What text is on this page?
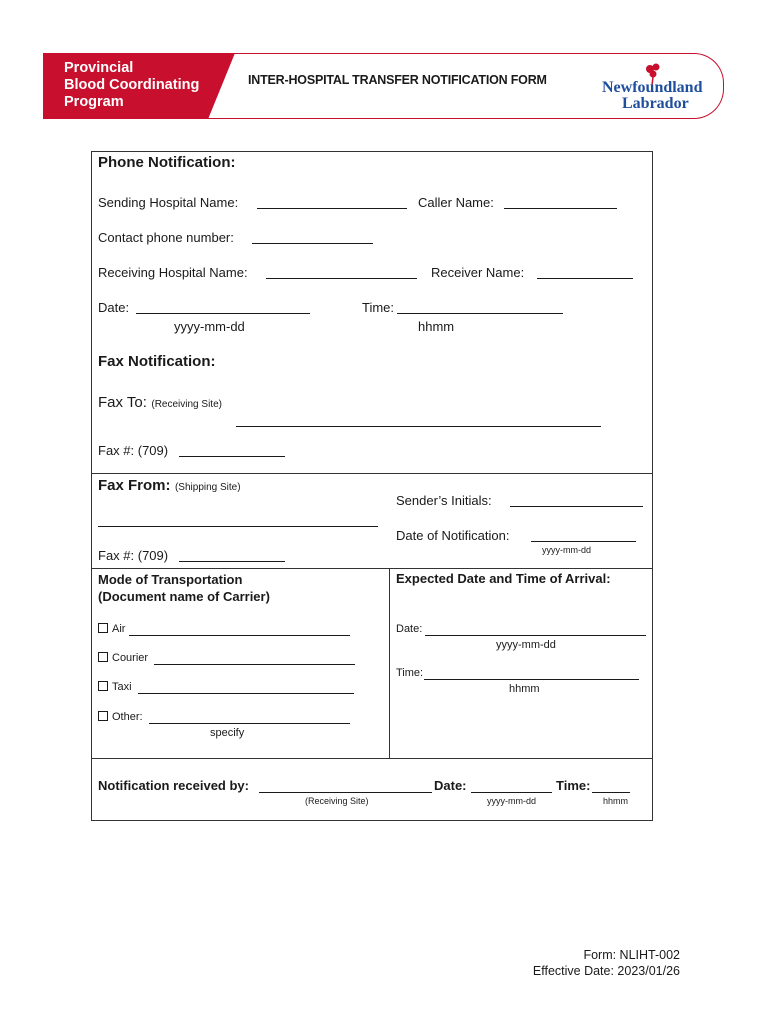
Provincial
Blood Coordinating
Program
INTER-HOSPITAL TRANSFER NOTIFICATION FORM	Newfoundland
Labrador
Phone Notification:
Sending Hospital Name:	Caller Name:
Contact phone number:
Receiving Hospital Name:	Receiver Name:
Date:
yyyy-mm-dd
Time:
hhmm
Fax Notification:
Fax To: (Receiving Site)
Fax #: (709)
Fax From: (Shipping Site)
Fax #: (709)
Sender’s Initials:
Date of Notification:
yyyy-mm-dd
Mode of Transportation
(Document name of Carrier)
Air
Courier
Taxi
Other:
specify
Expected Date and Time of Arrival:
Date:
yyyy-mm-dd
Time:
hhmm
Notification received by:
(Receiving Site)
Date:
yyyy-mm-dd
Time:
hhmm
Form: NLIHT-002
Effective Date: 2023/01/26
